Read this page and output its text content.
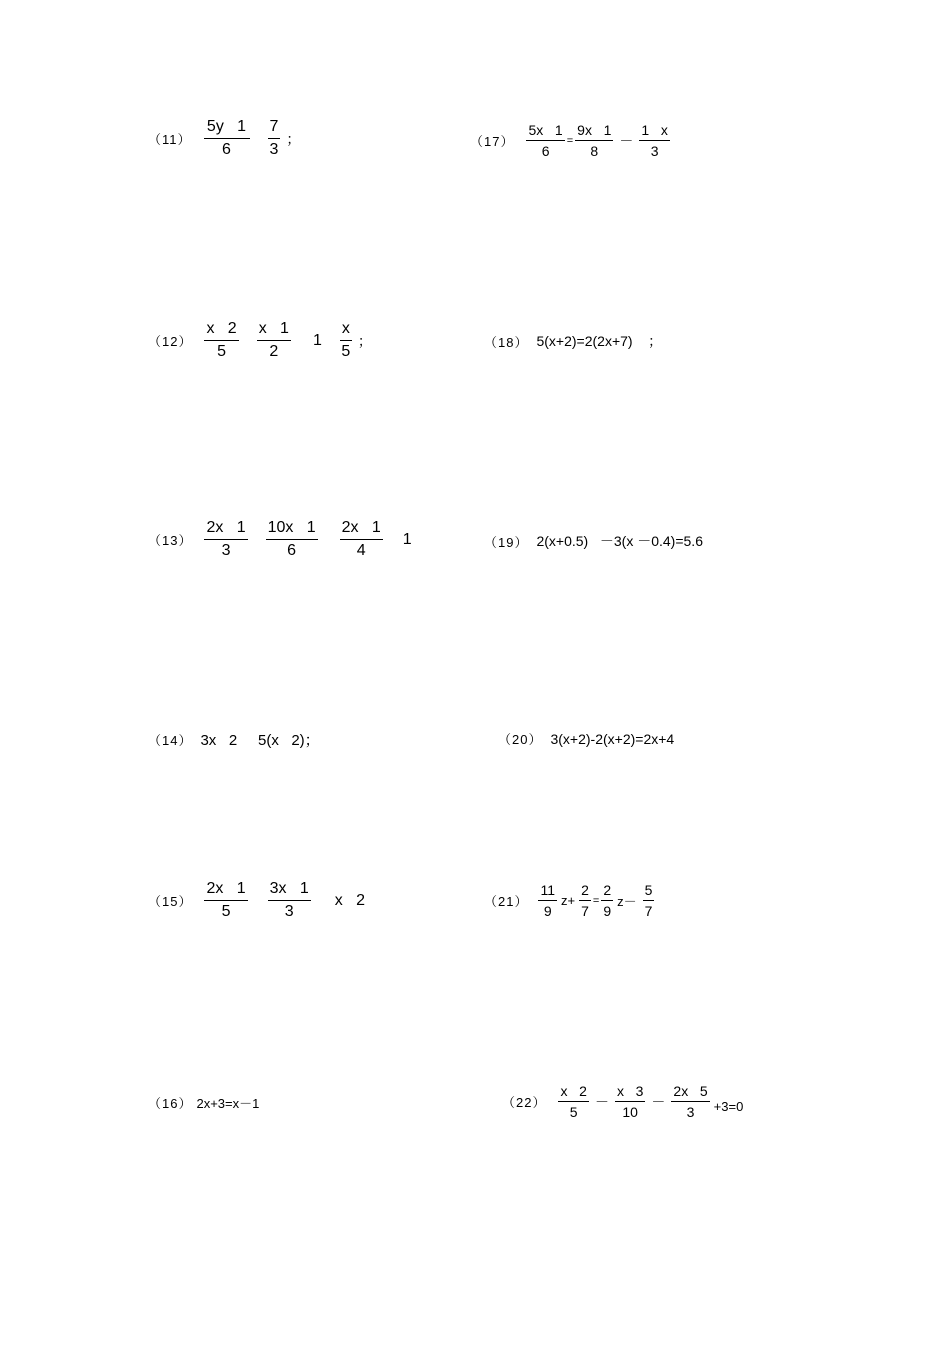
$(11) \frac{5y 1}{6} \frac{7}{3}$ ；	$(17) \frac{5x 1}{6} = \frac{9x 1}{8} - \frac{1 x}{3}$
$(12) \frac{x 2}{5} \frac{x 1}{2} 1 \frac{x}{5}$ ；	（18） 5(x+2)=2(2x+7)    ；
$(13) \frac{2x 1}{3} \frac{10x 1}{6} \frac{2x 1}{4} 1$	（19） 2(x+0.5)   －3(x －0.4)=5.6
（14） 3x   2     5(x   2)；	（20） 3(x+2)-2(x+2)=2x+4
$(15) \frac{2x 1}{5} \frac{3x 1}{3}$ x   2	$(21) \frac{11}{9} z+ \frac{2}{7} = \frac{2}{9} z- \frac{5}{7}$
（16） 2x+3=x－1	$(22) \frac{x 2}{5} - \frac{x 3}{10} - \frac{2x 5}{3} +3=0$
